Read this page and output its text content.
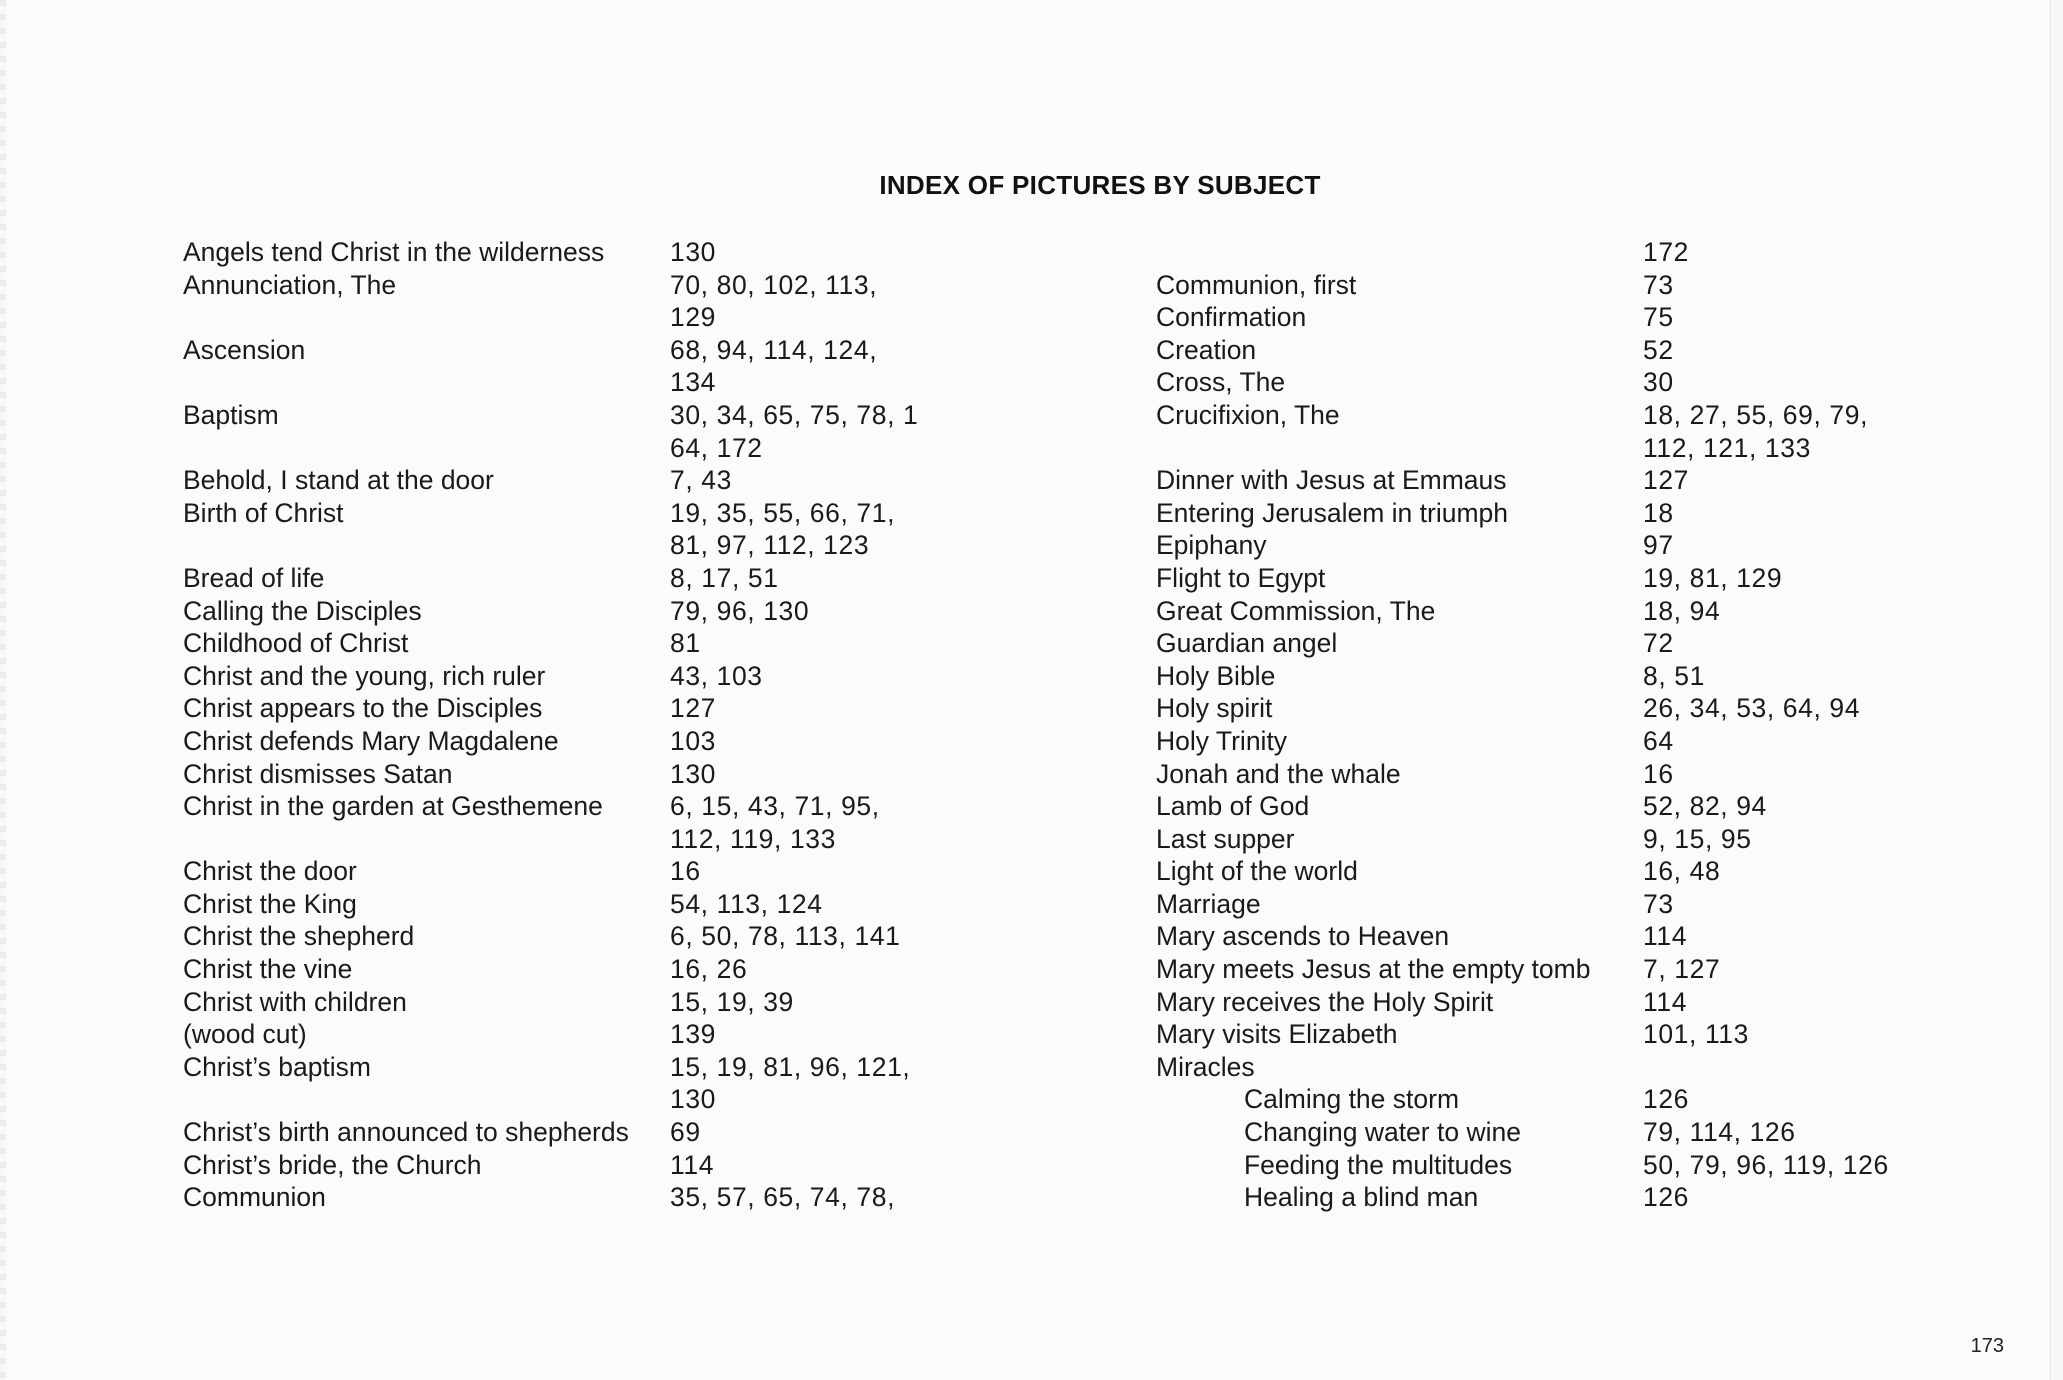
INDEX OF PICTURES BY SUBJECT
Angels tend Christ in the wilderness 130
Annunciation, The	70, 80, 102, 113,
129
Ascension	68, 94, 114, 124,
134
Baptism	30, 34, 65, 75, 78, 1
64, 172
Behold, I stand at the door	7, 43
Birth of Christ	19, 35, 55, 66, 71,
81, 97, 112, 123
Bread of life	8, 17, 51
Calling the Disciples	79, 96, 130
Childhood of Christ	81
Christ and the young, rich ruler	43, 103
Christ appears to the Disciples	127
Christ defends Mary Magdalene	103
Christ dismisses Satan	130
Christ in the garden at Gesthemene	6, 15, 43, 71, 95,
112, 119, 133
Christ the door	16
Christ the King	54, 113, 124
Christ the shepherd	6, 50, 78, 113, 141
Christ the vine	16, 26
Christ with children	15, 19, 39
(wood cut)	139
Christ’s baptism	15, 19, 81, 96, 121,
130
Christ’s birth announced to shepherds 69
Christ’s bride, the Church	114
Communion	35, 57, 65, 74, 78,
172
Communion, first	73
Confirmation	75
Creation	52
Cross, The	30
Crucifixion, The	18, 27, 55, 69, 79,
112, 121, 133
Dinner with Jesus at Emmaus	127
Entering Jerusalem in triumph	18
Epiphany	97
Flight to Egypt	19, 81, 129
Great Commission, The	18, 94
Guardian angel	72
Holy Bible	8, 51
Holy spirit	26, 34, 53, 64, 94
Holy Trinity	64
Jonah and the whale	16
Lamb of God	52, 82, 94
Last supper	9, 15, 95
Light of the world	16, 48
Marriage	73
Mary ascends to Heaven	114
Mary meets Jesus at the empty tomb 7, 127
Mary receives the Holy Spirit	114
Mary visits Elizabeth	101, 113
Miracles
Calming the storm	126
Changing water to wine	79, 114, 126
Feeding the multitudes	50, 79, 96, 119, 126
Healing a blind man	126
173
